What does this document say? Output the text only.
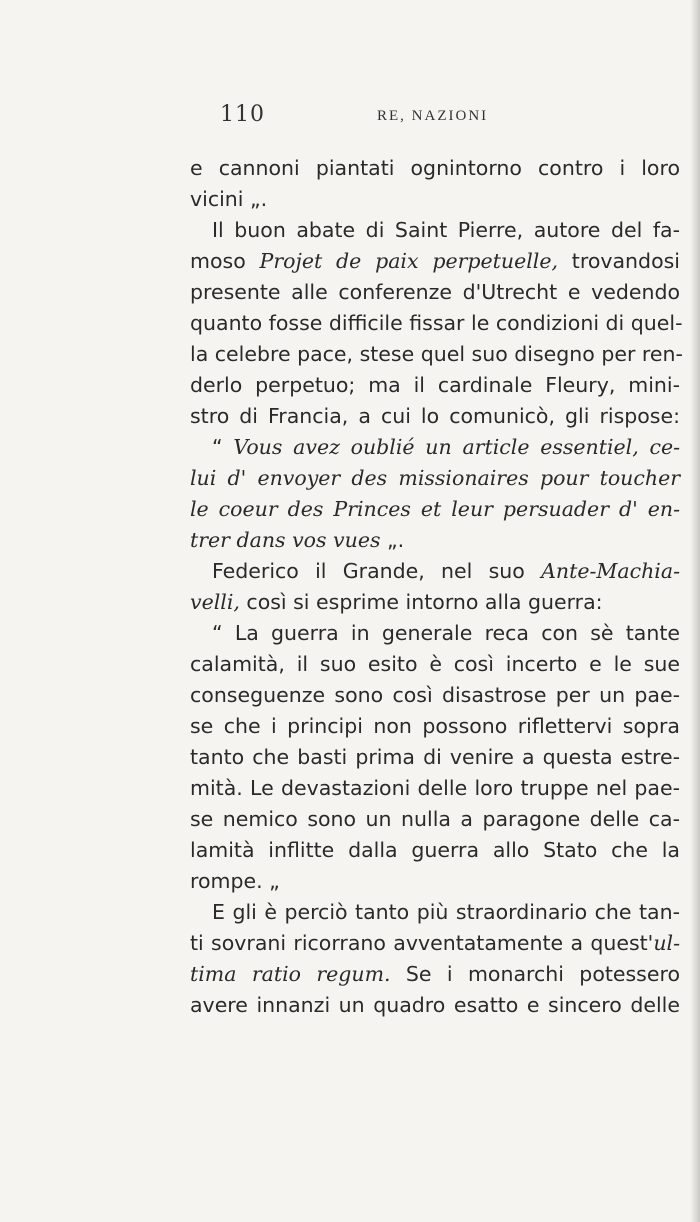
110	RE, NAZIONI
e cannoni piantati ognintorno contro i loro
vicini „.
Il buon abate di Saint Pierre, autore del fa-
moso Projet de paix perpetuelle, trovandosi
presente alle conferenze d'Utrecht e vedendo
quanto fosse difficile fissar le condizioni di quel-
la celebre pace, stese quel suo disegno per ren-
derlo perpetuo; ma il cardinale Fleury, mini-
stro di Francia, a cui lo comunicò, gli rispose:
“ Vous avez oublié un article essentiel, ce-
lui d' envoyer des missionaires pour toucher
le coeur des Princes et leur persuader d' en-
trer dans vos vues „.
Federico il Grande, nel suo Ante-Machia-
velli, così si esprime intorno alla guerra:
“ La guerra in generale reca con sè tante
calamità, il suo esito è così incerto e le sue
conseguenze sono così disastrose per un pae-
se che i principi non possono riflettervi sopra
tanto che basti prima di venire a questa estre-
mità. Le devastazioni delle loro truppe nel pae-
se nemico sono un nulla a paragone delle ca-
lamità inflitte dalla guerra allo Stato che la
rompe. „
E gli è perciò tanto più straordinario che tan-
ti sovrani ricorrano avventatamente a quest'ul-
tima ratio regum. Se i monarchi potessero
avere innanzi un quadro esatto e sincero delle
